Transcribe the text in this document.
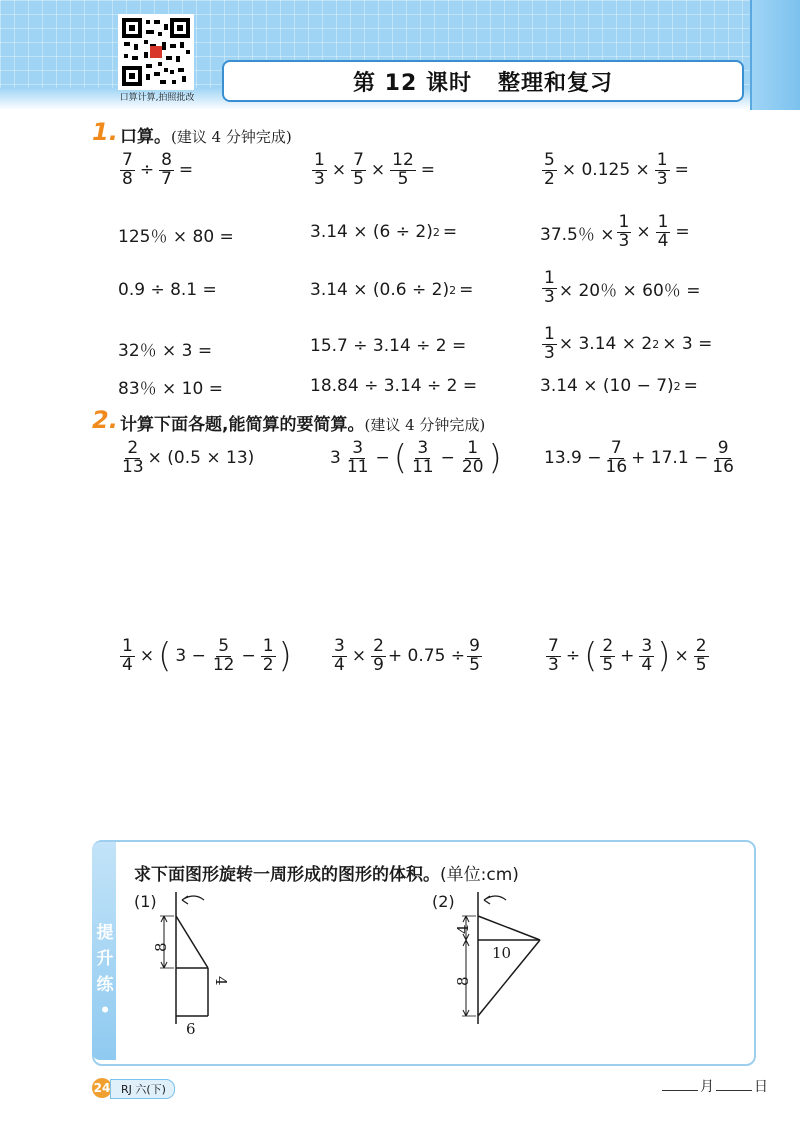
口算计算,拍照批改
第 12 课时 整理和复习
1. 口算。(建议 4 分钟完成)
$\frac{7}{8} \div \frac{8}{7}$ =	$\frac{1}{3} \times \frac{7}{5} \times \frac{12}{5}$ =	$\frac{5}{2} \times 0.125 \times \frac{1}{3}$ =
125％ × 80 =	3.14 × (6 ÷ 2) 2 =	37.5％ × $\frac{1}{3} \times \frac{1}{4}$ =
0.9 ÷ 8.1 =	3.14 × (0.6 ÷ 2) 2 =	$\frac{1}{3} \times 20$％ × 60％ =
32％ × 3 =	15.7 ÷ 3.14 ÷ 2 =	$\frac{1}{3} \times 3.14 \times 2$ 2 × 3 =
83％ × 10 =	18.84 ÷ 3.14 ÷ 2 =	3.14 × (10 − 7) 2 =
2. 计算下面各题,能简算的要简算。(建议 4 分钟完成)
$\frac{2}{13} \times (0.5 \times 13)$	$3 \frac{3}{11}$ − ( $\frac{3}{11} - \frac{1}{20}$ ) $13.9 - \frac{7}{16} + 17.1 - \frac{9}{16}$
$\frac{1}{4}$ × ( $3 - \frac{5}{12} - \frac{1}{2}$ ) $\frac{3}{4} \times \frac{2}{9} + 0.75 \div \frac{9}{5}$	$\frac{7}{3}$ ÷ ( $\frac{2}{5} + \frac{3}{4}$ ) × $\frac{2}{5}$
提
升
练
•
求下面图形旋转一周形成的图形的体积。(单位:cm)
(1)	(2)
8
4
6
4
8
10
24 RJ 六(下)	月	日
